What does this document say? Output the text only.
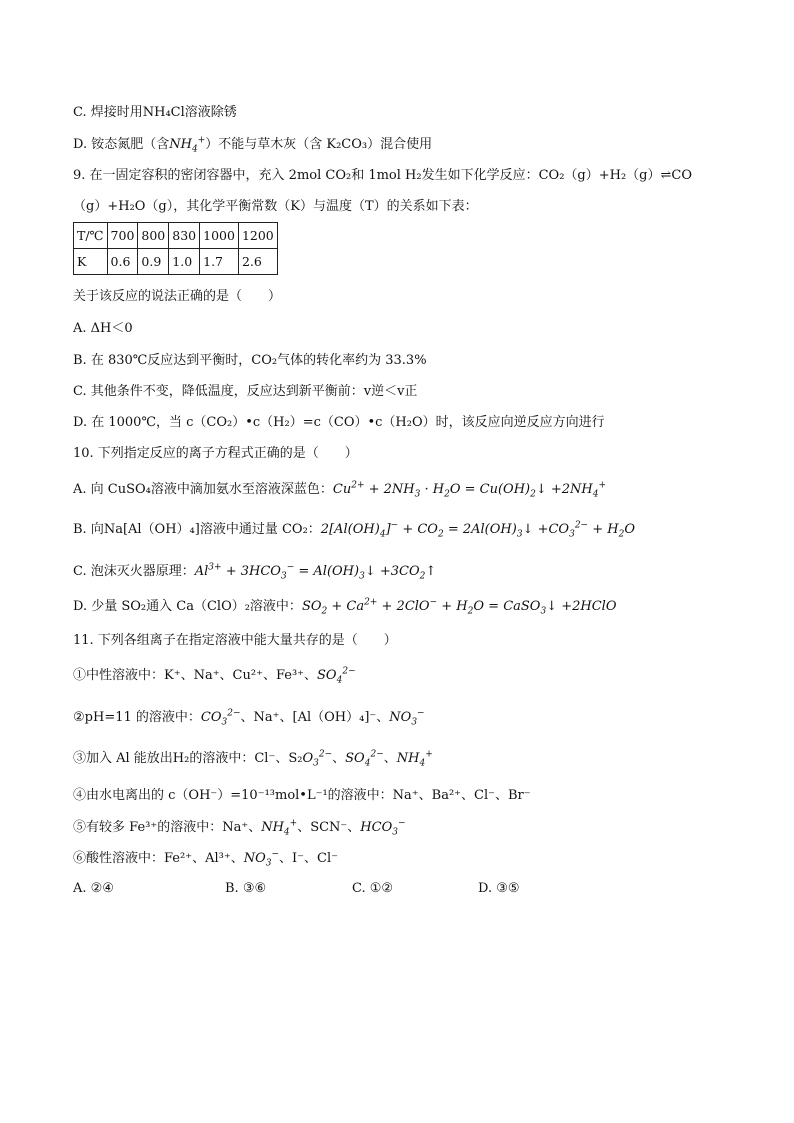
C. 焊接时用NH₄Cl溶液除锈
D. 铵态氮肥（含$NH_4^+$）不能与草木灰（含 K₂CO₃）混合使用
9. 在一固定容积的密闭容器中，充入 2mol CO₂和 1mol H₂发生如下化学反应：CO₂（g）+H₂（g）⇌CO
（g）+H₂O（g），其化学平衡常数（K）与温度（T）的关系如下表：
T/℃	700	800	830	1000	1200
K	0.6	0.9	1.0	1.7	2.6
关于该反应的说法正确的是（　　）
A. ΔH＜0
B. 在 830℃反应达到平衡时，CO₂气体的转化率约为 33.3%
C. 其他条件不变，降低温度，反应达到新平衡前：v逆＜v正
D. 在 1000℃，当 c（CO₂）•c（H₂）=c（CO）•c（H₂O）时，该反应向逆反应方向进行
10. 下列指定反应的离子方程式正确的是（　　）
A. 向 CuSO₄溶液中滴加氨水至溶液深蓝色：$Cu^{2+} + 2NH_3 \cdot H_2O$ = $Cu(OH)_2↓ +2NH_4^+$
B. 向Na[Al（OH）₄]溶液中通过量 CO₂：$2[Al(OH)_4]^- + CO_2$ = $2Al(OH)_3↓ +CO_3^{2-} + H_2O$
C. 泡沫灭火器原理：$Al^{3+} + 3HCO_3^-$ = $Al(OH)_3↓$ $+3CO_2↑$
D. 少量 SO₂通入 Ca（ClO）₂溶液中：$SO_2 + Ca^{2+} + 2ClO^- + H_2O$ = CaSO$_3$↓ +2HClO
11. 下列各组离子在指定溶液中能大量共存的是（　　）
①中性溶液中：K⁺、Na⁺、Cu²⁺、Fe³⁺、$SO_4^{2-}$
②pH=11 的溶液中：$CO_3^{2-}$、Na⁺、[Al（OH）₄]⁻、$NO_3^-$
③加入 Al 能放出H₂的溶液中：Cl⁻、$S_2O_3^{2-}$、$SO_4^{2-}$、$NH_4^+$
④由水电离出的 c（OH⁻）=10⁻¹³mol•L⁻¹的溶液中：Na⁺、Ba²⁺、Cl⁻、Br⁻
⑤有较多 Fe³⁺的溶液中：Na⁺、$NH_4^+$、SCN⁻、$HCO_3^-$
⑥酸性溶液中：Fe²⁺、Al³⁺、$NO_3^-$、I⁻、Cl⁻
A. ②④	B. ③⑥	C. ①②	D. ③⑤
